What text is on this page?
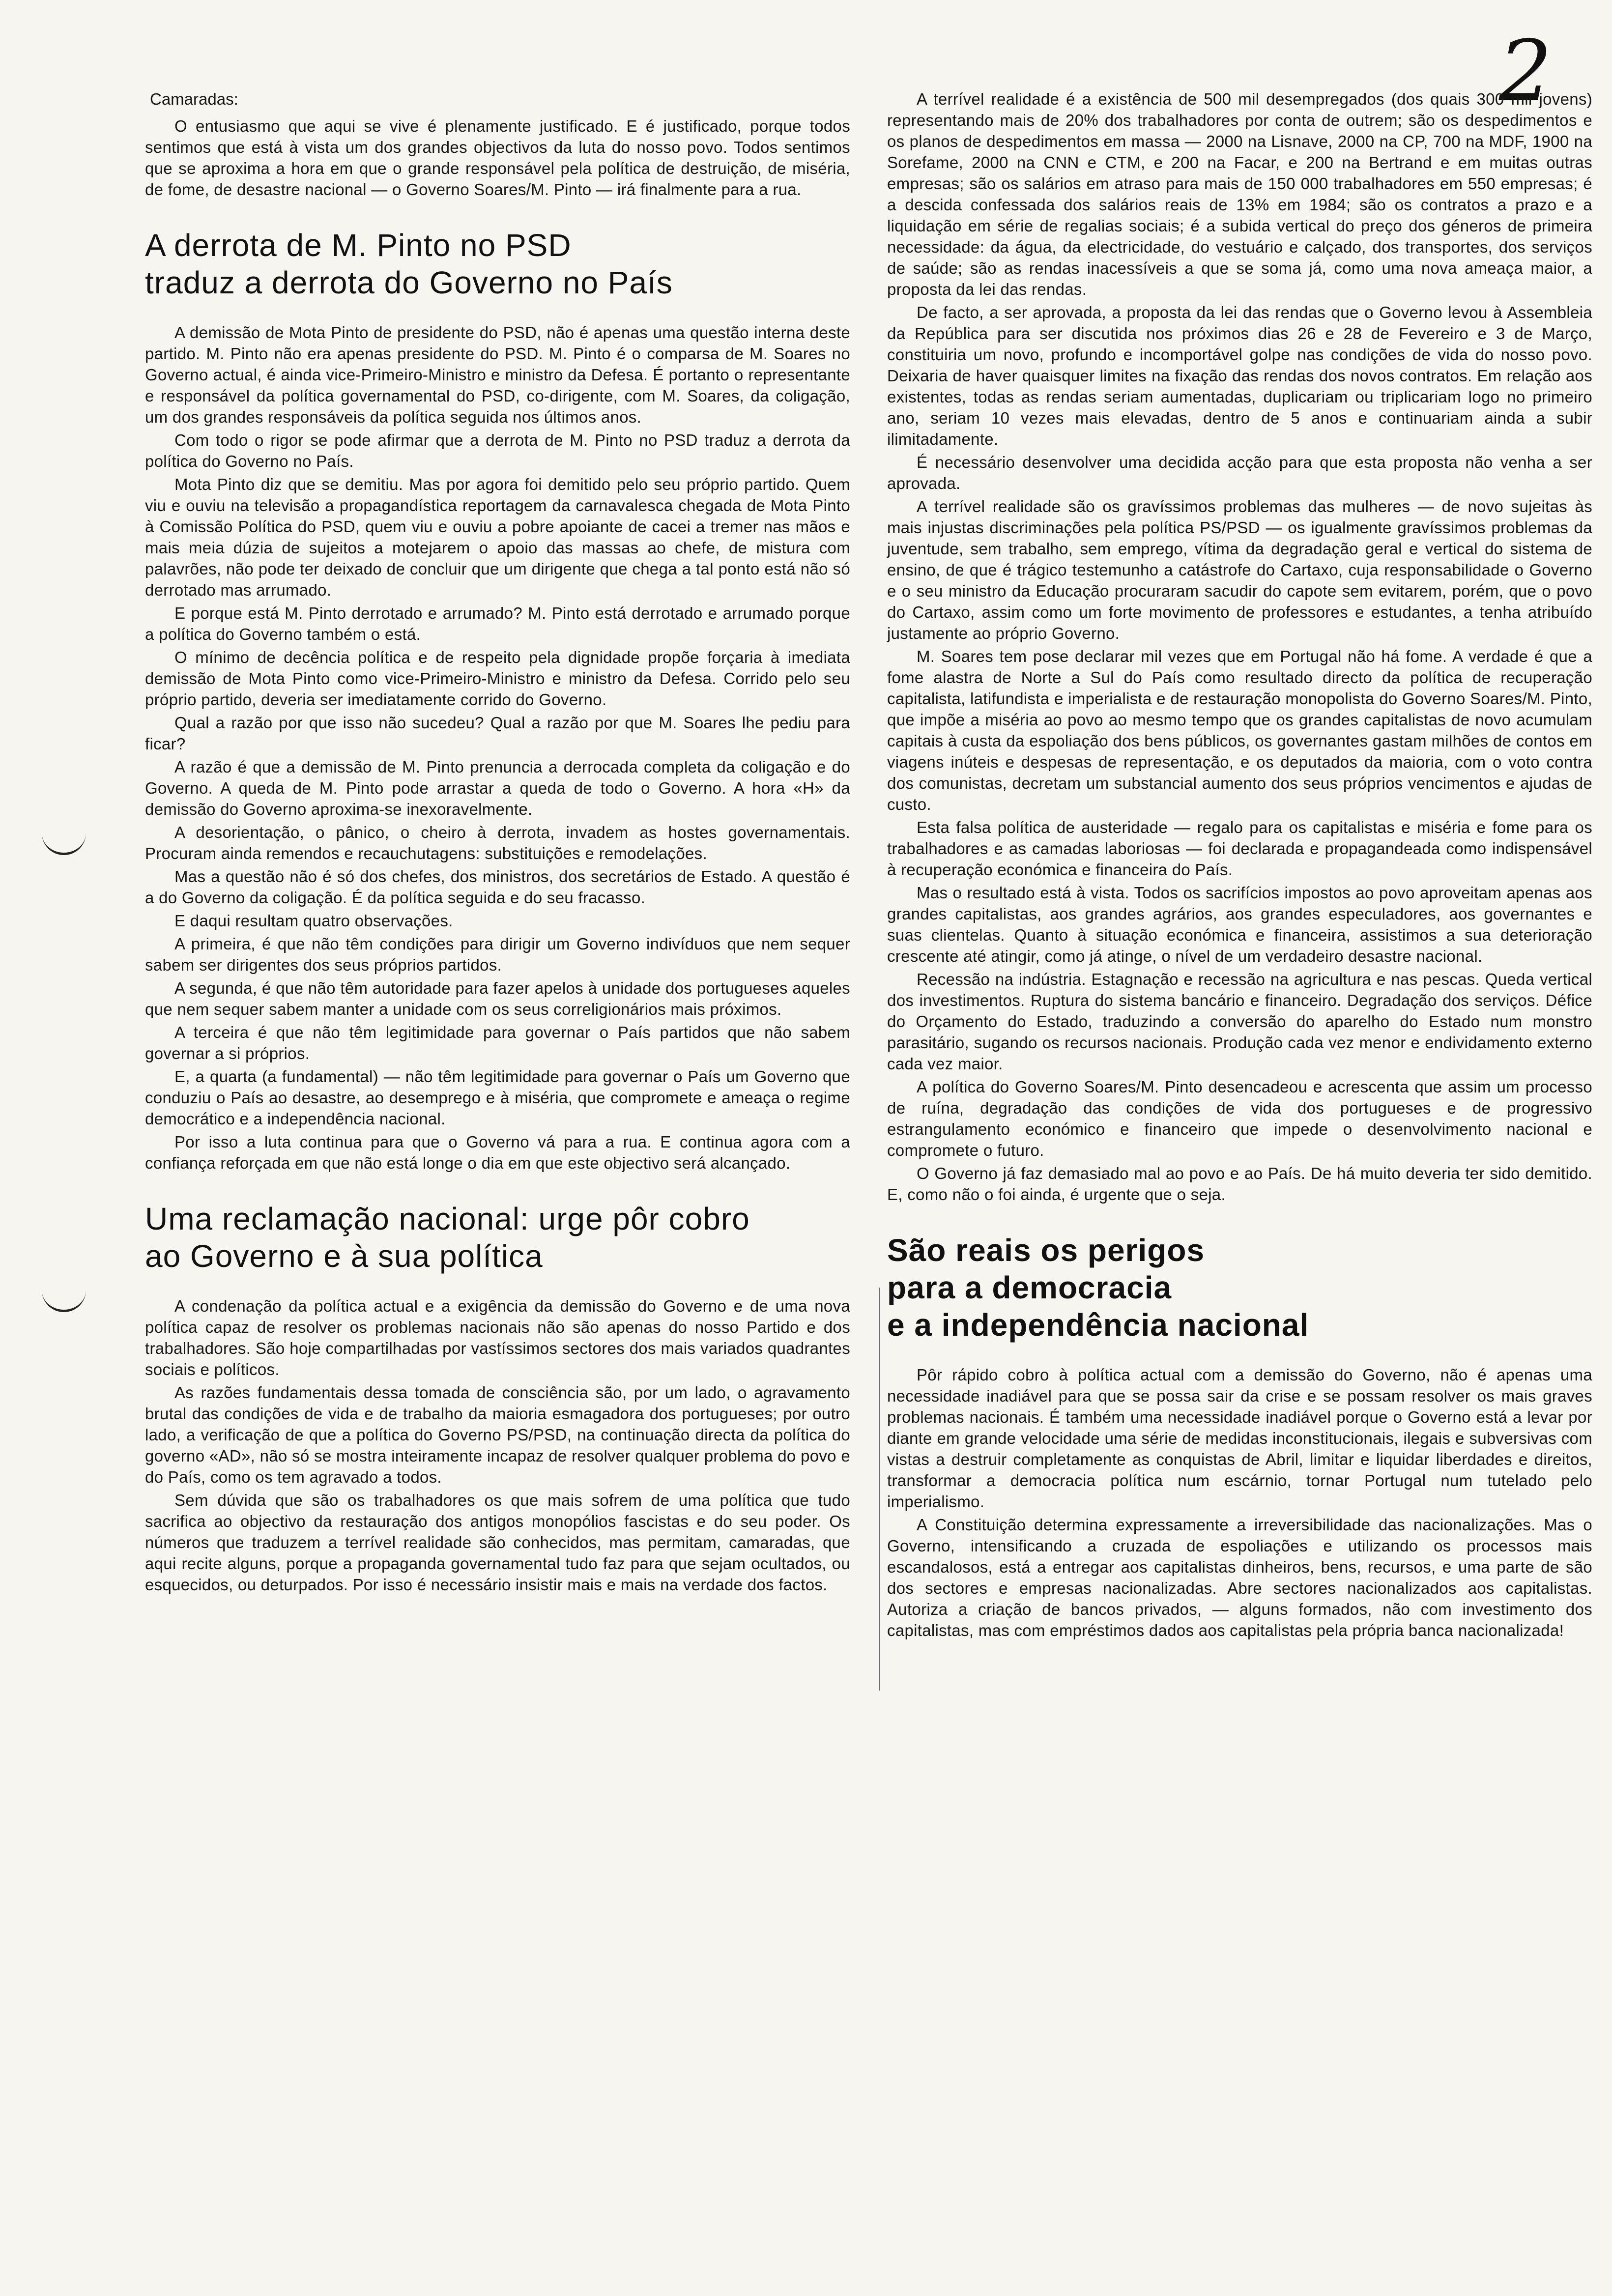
2
Camaradas:

O entusiasmo que aqui se vive é plenamente justificado. E é justificado, porque todos sentimos que está à vista um dos grandes objectivos da luta do nosso povo. Todos sentimos que se aproxima a hora em que o grande responsável pela política de destruição, de miséria, de fome, de desastre nacional — o Governo Soares/M. Pinto — irá finalmente para a rua.

A derrota de M. Pinto no PSD
traduz a derrota do Governo no País

A demissão de Mota Pinto de presidente do PSD, não é apenas uma questão interna deste partido. M. Pinto não era apenas presidente do PSD. M. Pinto é o comparsa de M. Soares no Governo actual, é ainda vice-Primeiro-Ministro e ministro da Defesa. É portanto o representante e responsável da política governamental do PSD, co-dirigente, com M. Soares, da coligação, um dos grandes responsáveis da política seguida nos últimos anos.

Com todo o rigor se pode afirmar que a derrota de M. Pinto no PSD traduz a derrota da política do Governo no País.

Mota Pinto diz que se demitiu. Mas por agora foi demitido pelo seu próprio partido. Quem viu e ouviu na televisão a propagandística reportagem da carnavalesca chegada de Mota Pinto à Comissão Política do PSD, quem viu e ouviu a pobre apoiante de cacei a tremer nas mãos e mais meia dúzia de sujeitos a motejarem o apoio das massas ao chefe, de mistura com palavrões, não pode ter deixado de concluir que um dirigente que chega a tal ponto está não só derrotado mas arrumado.

E porque está M. Pinto derrotado e arrumado? M. Pinto está derrotado e arrumado porque a política do Governo também o está.

O mínimo de decência política e de respeito pela dignidade propõe forçaria à imediata demissão de Mota Pinto como vice-Primeiro-Ministro e ministro da Defesa. Corrido pelo seu próprio partido, deveria ser imediatamente corrido do Governo.

Qual a razão por que isso não sucedeu? Qual a razão por que M. Soares lhe pediu para ficar?

A razão é que a demissão de M. Pinto prenuncia a derrocada completa da coligação e do Governo. A queda de M. Pinto pode arrastar a queda de todo o Governo. A hora «H» da demissão do Governo aproxima-se inexoravelmente.

A desorientação, o pânico, o cheiro à derrota, invadem as hostes governamentais. Procuram ainda remendos e recauchutagens: substituições e remodelações.

Mas a questão não é só dos chefes, dos ministros, dos secretários de Estado. A questão é a do Governo da coligação. É da política seguida e do seu fracasso.

E daqui resultam quatro observações.

A primeira, é que não têm condições para dirigir um Governo indivíduos que nem sequer sabem ser dirigentes dos seus próprios partidos.

A segunda, é que não têm autoridade para fazer apelos à unidade dos portugueses aqueles que nem sequer sabem manter a unidade com os seus correligionários mais próximos.

A terceira é que não têm legitimidade para governar o País partidos que não sabem governar a si próprios.

E, a quarta (a fundamental) — não têm legitimidade para governar o País um Governo que conduziu o País ao desastre, ao desemprego e à miséria, que compromete e ameaça o regime democrático e a independência nacional.

Por isso a luta continua para que o Governo vá para a rua. E continua agora com a confiança reforçada em que não está longe o dia em que este objectivo será alcançado.

Uma reclamação nacional: urge pôr cobro
ao Governo e à sua política

A condenação da política actual e a exigência da demissão do Governo e de uma nova política capaz de resolver os problemas nacionais não são apenas do nosso Partido e dos trabalhadores. São hoje compartilhadas por vastíssimos sectores dos mais variados quadrantes sociais e políticos.

As razões fundamentais dessa tomada de consciência são, por um lado, o agravamento brutal das condições de vida e de trabalho da maioria esmagadora dos portugueses; por outro lado, a verificação de que a política do Governo PS/PSD, na continuação directa da política do governo «AD», não só se mostra inteiramente incapaz de resolver qualquer problema do povo e do País, como os tem agravado a todos.

Sem dúvida que são os trabalhadores os que mais sofrem de uma política que tudo sacrifica ao objectivo da restauração dos antigos monopólios fascistas e do seu poder. Os números que traduzem a terrível realidade são conhecidos, mas permitam, camaradas, que aqui recite alguns, porque a propaganda governamental tudo faz para que sejam ocultados, ou esquecidos, ou deturpados. Por isso é necessário insistir mais e mais na verdade dos factos.

A terrível realidade é a existência de 500 mil desempregados (dos quais 300 mil jovens) representando mais de 20% dos trabalhadores por conta de outrem; são os despedimentos e os planos de despedimentos em massa — 2000 na Lisnave, 2000 na CP, 700 na MDF, 1900 na Sorefame, 2000 na CNN e CTM, e 200 na Facar, e 200 na Bertrand e em muitas outras empresas; são os salários em atraso para mais de 150 000 trabalhadores em 550 empresas; é a descida confessada dos salários reais de 13% em 1984; são os contratos a prazo e a liquidação em série de regalias sociais; é a subida vertical do preço dos géneros de primeira necessidade: da água, da electricidade, do vestuário e calçado, dos transportes, dos serviços de saúde; são as rendas inacessíveis a que se soma já, como uma nova ameaça maior, a proposta da lei das rendas.

De facto, a ser aprovada, a proposta da lei das rendas que o Governo levou à Assembleia da República para ser discutida nos próximos dias 26 e 28 de Fevereiro e 3 de Março, constituiria um novo, profundo e incomportável golpe nas condições de vida do nosso povo. Deixaria de haver quaisquer limites na fixação das rendas dos novos contratos. Em relação aos existentes, todas as rendas seriam aumentadas, duplicariam ou triplicariam logo no primeiro ano, seriam 10 vezes mais elevadas, dentro de 5 anos e continuariam ainda a subir ilimitadamente.

É necessário desenvolver uma decidida acção para que esta proposta não venha a ser aprovada.

A terrível realidade são os gravíssimos problemas das mulheres — de novo sujeitas às mais injustas discriminações pela política PS/PSD — os igualmente gravíssimos problemas da juventude, sem trabalho, sem emprego, vítima da degradação geral e vertical do sistema de ensino, de que é trágico testemunho a catástrofe do Cartaxo, cuja responsabilidade o Governo e o seu ministro da Educação procuraram sacudir do capote sem evitarem, porém, que o povo do Cartaxo, assim como um forte movimento de professores e estudantes, a tenha atribuído justamente ao próprio Governo.

M. Soares tem pose declarar mil vezes que em Portugal não há fome. A verdade é que a fome alastra de Norte a Sul do País como resultado directo da política de recuperação capitalista, latifundista e imperialista e de restauração monopolista do Governo Soares/M. Pinto, que impõe a miséria ao povo ao mesmo tempo que os grandes capitalistas de novo acumulam capitais à custa da espoliação dos bens públicos, os governantes gastam milhões de contos em viagens inúteis e despesas de representação, e os deputados da maioria, com o voto contra dos comunistas, decretam um substancial aumento dos seus próprios vencimentos e ajudas de custo.

Esta falsa política de austeridade — regalo para os capitalistas e miséria e fome para os trabalhadores e as camadas laboriosas — foi declarada e propagandeada como indispensável à recuperação económica e financeira do País.

Mas o resultado está à vista. Todos os sacrifícios impostos ao povo aproveitam apenas aos grandes capitalistas, aos grandes agrários, aos grandes especuladores, aos governantes e suas clientelas. Quanto à situação económica e financeira, assistimos a sua deterioração crescente até atingir, como já atinge, o nível de um verdadeiro desastre nacional.

Recessão na indústria. Estagnação e recessão na agricultura e nas pescas. Queda vertical dos investimentos. Ruptura do sistema bancário e financeiro. Degradação dos serviços. Défice do Orçamento do Estado, traduzindo a conversão do aparelho do Estado num monstro parasitário, sugando os recursos nacionais. Produção cada vez menor e endividamento externo cada vez maior.

A política do Governo Soares/M. Pinto desencadeou e acrescenta que assim um processo de ruína, degradação das condições de vida dos portugueses e de progressivo estrangulamento económico e financeiro que impede o desenvolvimento nacional e compromete o futuro.

O Governo já faz demasiado mal ao povo e ao País. De há muito deveria ter sido demitido. E, como não o foi ainda, é urgente que o seja.

São reais os perigos
para a democracia
e a independência nacional

Pôr rápido cobro à política actual com a demissão do Governo, não é apenas uma necessidade inadiável para que se possa sair da crise e se possam resolver os mais graves problemas nacionais. É também uma necessidade inadiável porque o Governo está a levar por diante em grande velocidade uma série de medidas inconstitucionais, ilegais e subversivas com vistas a destruir completamente as conquistas de Abril, limitar e liquidar liberdades e direitos, transformar a democracia política num escárnio, tornar Portugal num tutelado pelo imperialismo.

A Constituição determina expressamente a irreversibilidade das nacionalizações. Mas o Governo, intensificando a cruzada de espoliações e utilizando os processos mais escandalosos, está a entregar aos capitalistas dinheiros, bens, recursos, e uma parte de são dos sectores e empresas nacionalizadas. Abre sectores nacionalizados aos capitalistas. Autoriza a criação de bancos privados, — alguns formados, não com investimento dos capitalistas, mas com empréstimos dados aos capitalistas pela própria banca nacionalizada!
